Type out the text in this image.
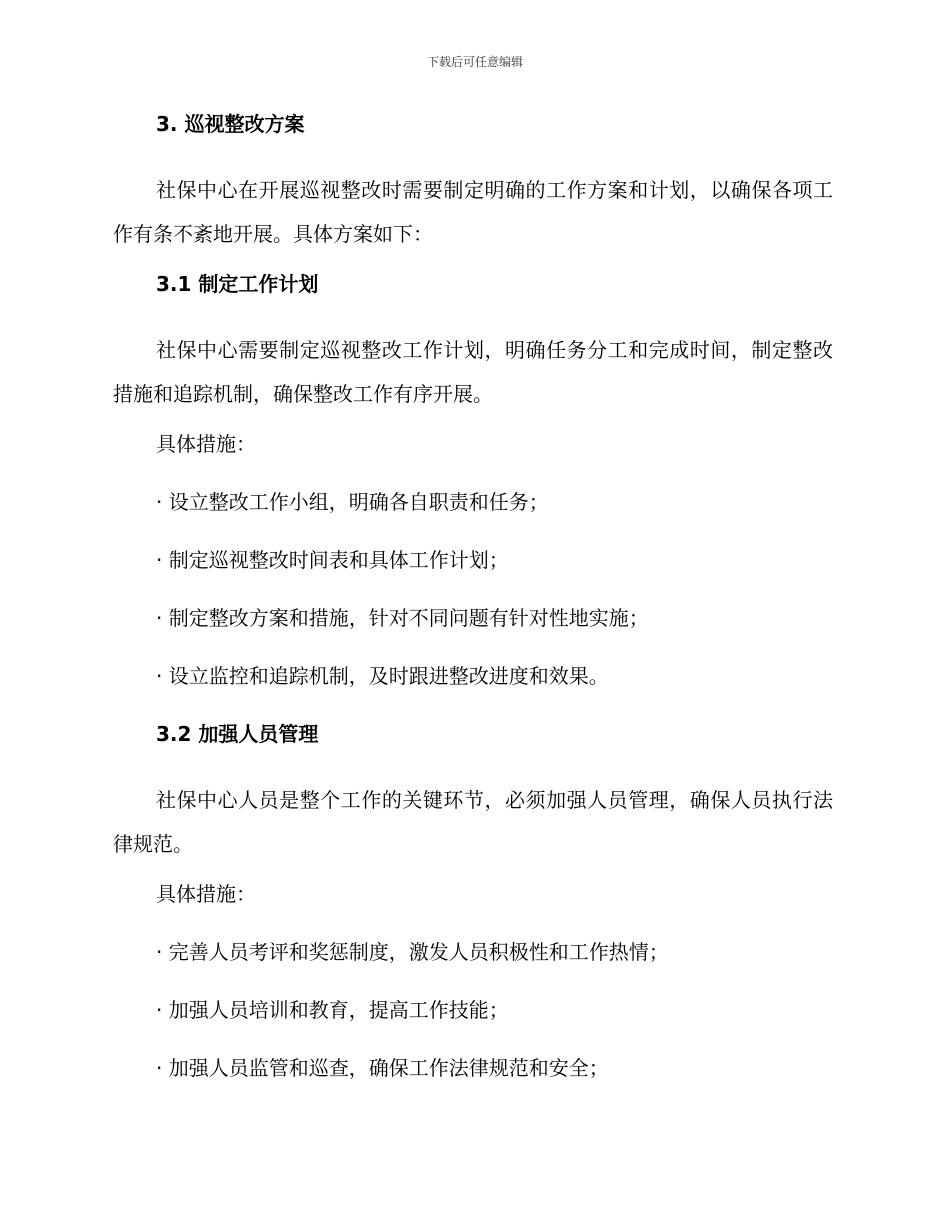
下载后可任意编辑
3. 巡视整改方案
社保中心在开展巡视整改时需要制定明确的工作方案和计划，以确保各项工作有条不紊地开展。具体方案如下：
3.1 制定工作计划
社保中心需要制定巡视整改工作计划，明确任务分工和完成时间，制定整改措施和追踪机制，确保整改工作有序开展。
具体措施：
· 设立整改工作小组，明确各自职责和任务；
· 制定巡视整改时间表和具体工作计划；
· 制定整改方案和措施，针对不同问题有针对性地实施；
· 设立监控和追踪机制，及时跟进整改进度和效果。
3.2 加强人员管理
社保中心人员是整个工作的关键环节，必须加强人员管理，确保人员执行法律规范。
具体措施：
· 完善人员考评和奖惩制度，激发人员积极性和工作热情；
· 加强人员培训和教育，提高工作技能；
· 加强人员监管和巡查，确保工作法律规范和安全；
